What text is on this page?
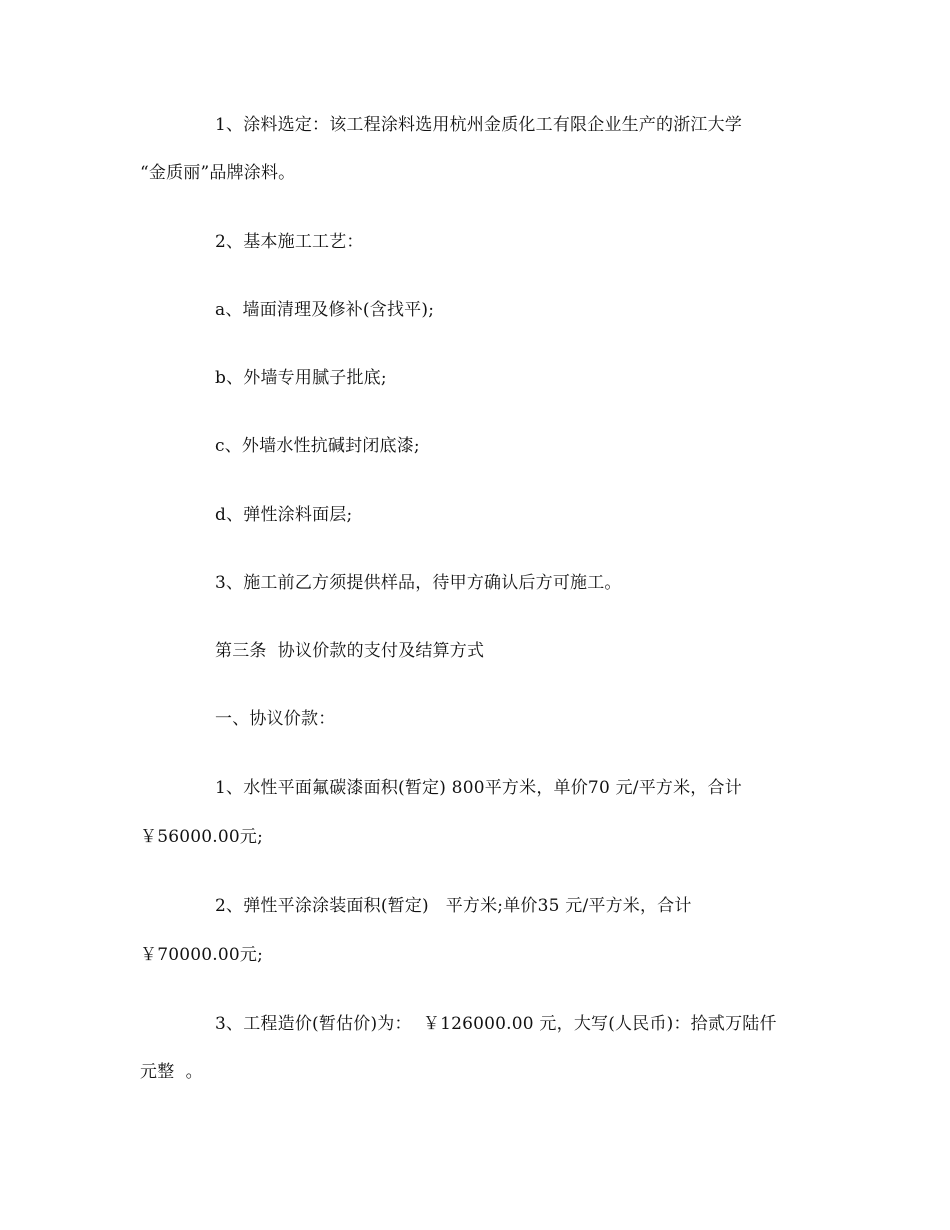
1、涂料选定：该工程涂料选用杭州金质化工有限企业生产的浙江大学
“金质丽”品牌涂料。
2、基本施工工艺：
a、墙面清理及修补(含找平);
b、外墙专用腻子批底;
c、外墙水性抗碱封闭底漆;
d、弹性涂料面层;
3、施工前乙方须提供样品，待甲方确认后方可施工。
第三条  协议价款的支付及结算方式
一、协议价款：
1、水性平面氟碳漆面积(暂定) 800平方米，单价70 元/平方米，合计
￥56000.00元;
2、弹性平涂涂装面积(暂定)   平方米;单价35 元/平方米，合计
￥70000.00元;
3、工程造价(暂估价)为：  ￥126000.00 元，大写(人民币)：拾贰万陆仟
元整  。
